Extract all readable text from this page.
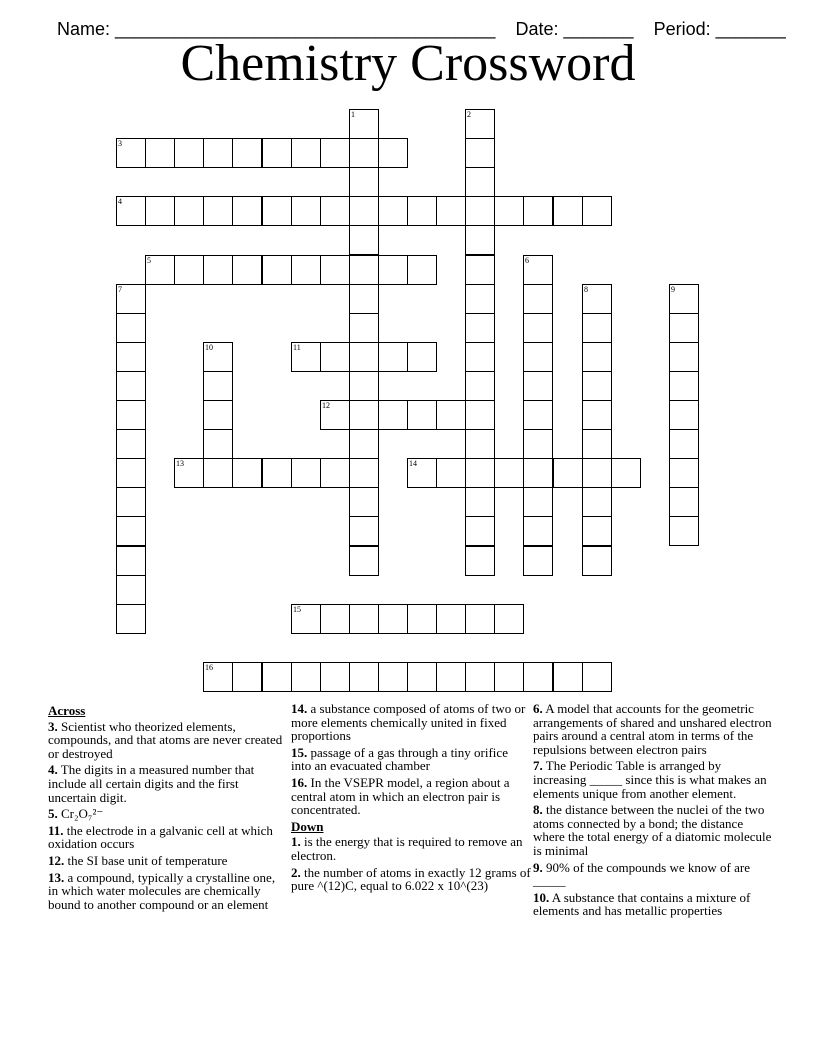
Name: ______________________________________ Date: _______ Period: _______

Chemistry Crossword
1	2
3
4
5	6
7	8	9
10	11
12
13	14
15
16
Across
3. Scientist who theorized elements, compounds, and that atoms are never created or destroyed
4. The digits in a measured number that include all certain digits and the first uncertain digit.
5. Cr₂O₇²⁻
11. the electrode in a galvanic cell at which oxidation occurs
12. the SI base unit of temperature
13. a compound, typically a crystalline one, in which water molecules are chemically bound to another compound or an element
14. a substance composed of atoms of two or more elements chemically united in fixed proportions
15. passage of a gas through a tiny orifice into an evacuated chamber
16. In the VSEPR model, a region about a central atom in which an electron pair is concentrated.
Down
1. is the energy that is required to remove an electron.
2. the number of atoms in exactly 12 grams of pure ^(12)C, equal to 6.022 x 10^(23)
6. A model that accounts for the geometric arrangements of shared and unshared electron pairs around a central atom in terms of the repulsions between electron pairs
7. The Periodic Table is arranged by increasing _____ since this is what makes an elements unique from another element.
8. the distance between the nuclei of the two atoms connected by a bond; the distance where the total energy of a diatomic molecule is minimal
9. 90% of the compounds we know of are _____
10. A substance that contains a mixture of elements and has metallic properties
